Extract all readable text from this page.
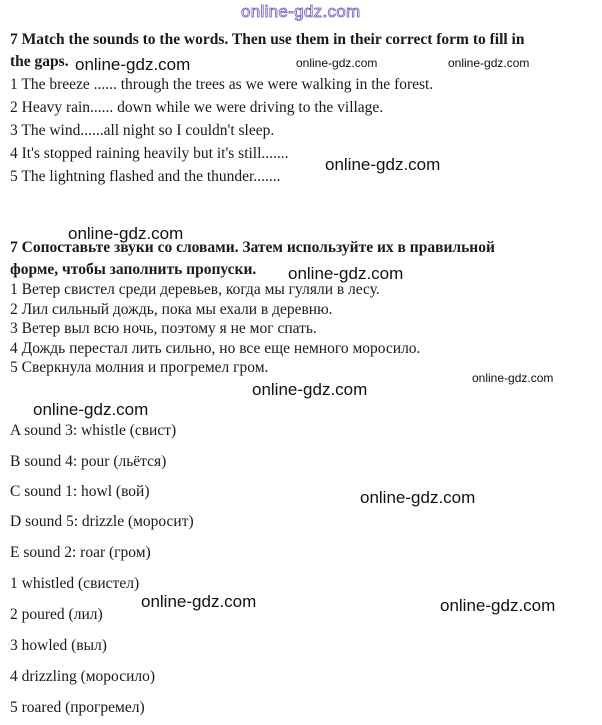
online-gdz.com
7 Match the sounds to the words. Then use them in their correct form to fill in
the gaps.
1 The breeze ...... through the trees as we were walking in the forest.
2 Heavy rain...... down while we were driving to the village.
3 The wind......all night so I couldn't sleep.
4 It's stopped raining heavily but it's still.......
5 The lightning flashed and the thunder.......
7 Сопоставьте звуки со словами. Затем используйте их в правильной
форме, чтобы заполнить пропуски.
1 Ветер свистел среди деревьев, когда мы гуляли в лесу.
2 Лил сильный дождь, пока мы ехали в деревню.
3 Ветер выл всю ночь, поэтому я не мог спать.
4 Дождь перестал лить сильно, но все еще немного моросило.
5 Сверкнула молния и прогремел гром.
A sound 3: whistle (свист)
B sound 4: pour (льётся)
C sound 1: howl (вой)
D sound 5: drizzle (моросит)
E sound 2: roar (гром)
1 whistled (свистел)
2 poured (лил)
3 howled (выл)
4 drizzling (моросило)
5 roared (прогремел)
online-gdz.com	online-gdz.com	online-gdz.com
online-gdz.com
online-gdz.com
online-gdz.com
online-gdz.com
online-gdz.com
online-gdz.com
online-gdz.com
online-gdz.com	online-gdz.com
